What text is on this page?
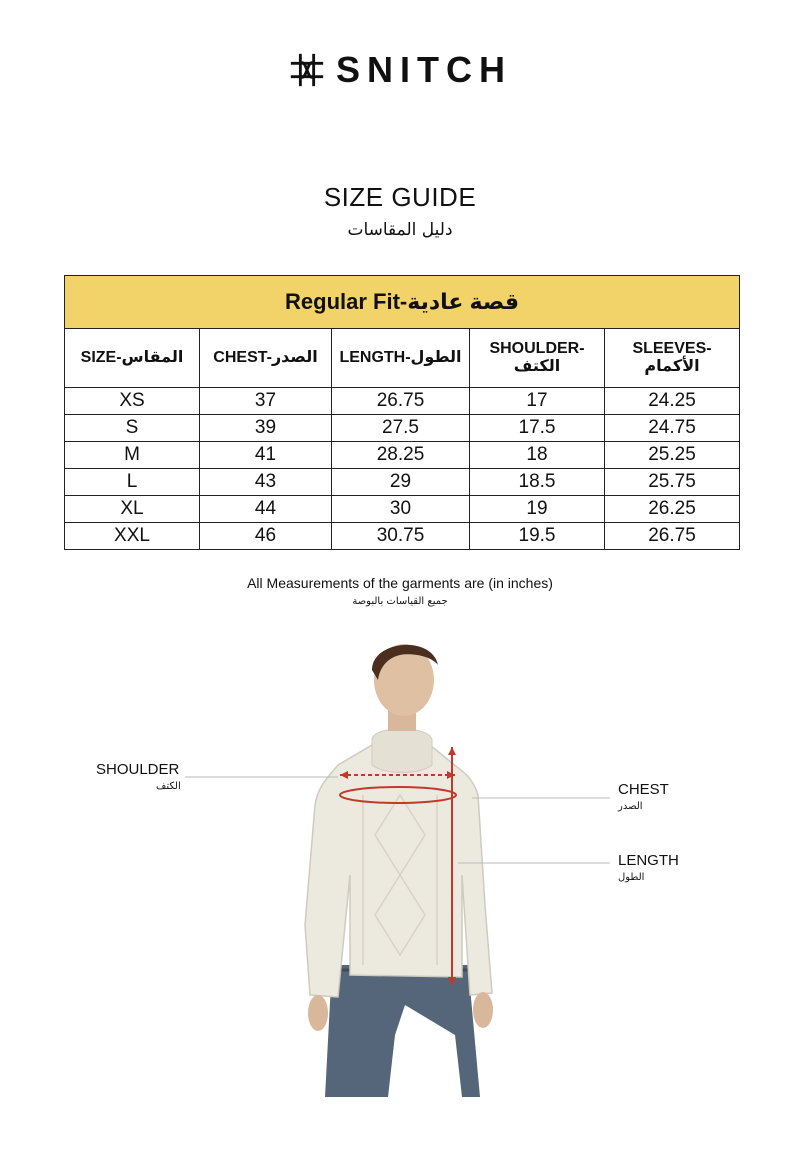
SNITCH
SIZE GUIDE
دليل المقاسات
Regular Fit-قصة عادية				
SIZE-المقاس	CHEST-الصدر	LENGTH-الطول	SHOULDER-الكتف	SLEEVES-الأكمام
XS	37	26.75	17	24.25
S	39	27.5	17.5	24.75
M	41	28.25	18	25.25
L	43	29	18.5	25.75
XL	44	30	19	26.25
XXL	46	30.75	19.5	26.75
All Measurements of the garments are (in inches)
جميع القياسات بالبوصة
SHOULDER
الكتف	CHEST
الصدر
LENGTH
الطول
